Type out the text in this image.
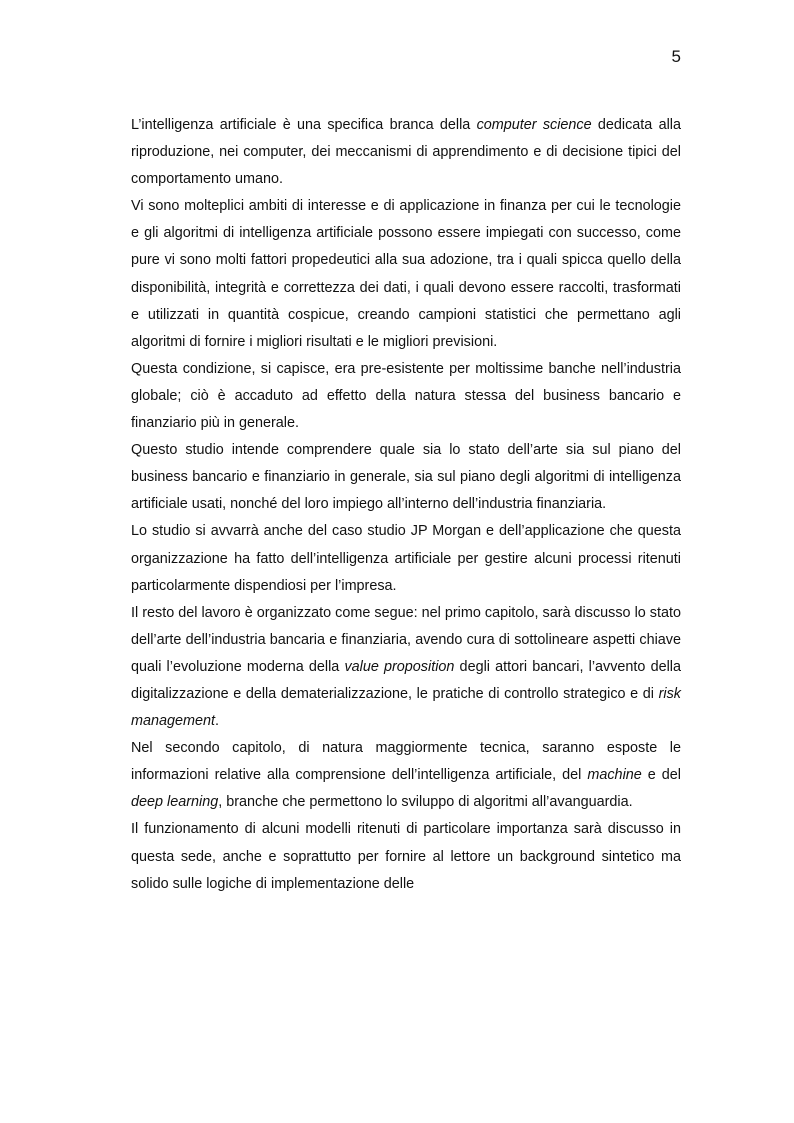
5

L’intelligenza artificiale è una specifica branca della computer science dedicata alla riproduzione, nei computer, dei meccanismi di apprendimento e di decisione tipici del comportamento umano.

Vi sono molteplici ambiti di interesse e di applicazione in finanza per cui le tecnologie e gli algoritmi di intelligenza artificiale possono essere impiegati con successo, come pure vi sono molti fattori propedeutici alla sua adozione, tra i quali spicca quello della disponibilità, integrità e correttezza dei dati, i quali devono essere raccolti, trasformati e utilizzati in quantità cospicue, creando campioni statistici che permettano agli algoritmi di fornire i migliori risultati e le migliori previsioni.

Questa condizione, si capisce, era pre-esistente per moltissime banche nell’industria globale; ciò è accaduto ad effetto della natura stessa del business bancario e finanziario più in generale.

Questo studio intende comprendere quale sia lo stato dell’arte sia sul piano del business bancario e finanziario in generale, sia sul piano degli algoritmi di intelligenza artificiale usati, nonché del loro impiego all’interno dell’industria finanziaria.

Lo studio si avvarrà anche del caso studio JP Morgan e dell’applicazione che questa organizzazione ha fatto dell’intelligenza artificiale per gestire alcuni processi ritenuti particolarmente dispendiosi per l’impresa.

Il resto del lavoro è organizzato come segue: nel primo capitolo, sarà discusso lo stato dell’arte dell’industria bancaria e finanziaria, avendo cura di sottolineare aspetti chiave quali l’evoluzione moderna della value proposition degli attori bancari, l’avvento della digitalizzazione e della dematerializzazione, le pratiche di controllo strategico e di risk management.

Nel secondo capitolo, di natura maggiormente tecnica, saranno esposte le informazioni relative alla comprensione dell’intelligenza artificiale, del machine e del deep learning, branche che permettono lo sviluppo di algoritmi all’avanguardia.

Il funzionamento di alcuni modelli ritenuti di particolare importanza sarà discusso in questa sede, anche e soprattutto per fornire al lettore un background sintetico ma solido sulle logiche di implementazione delle
